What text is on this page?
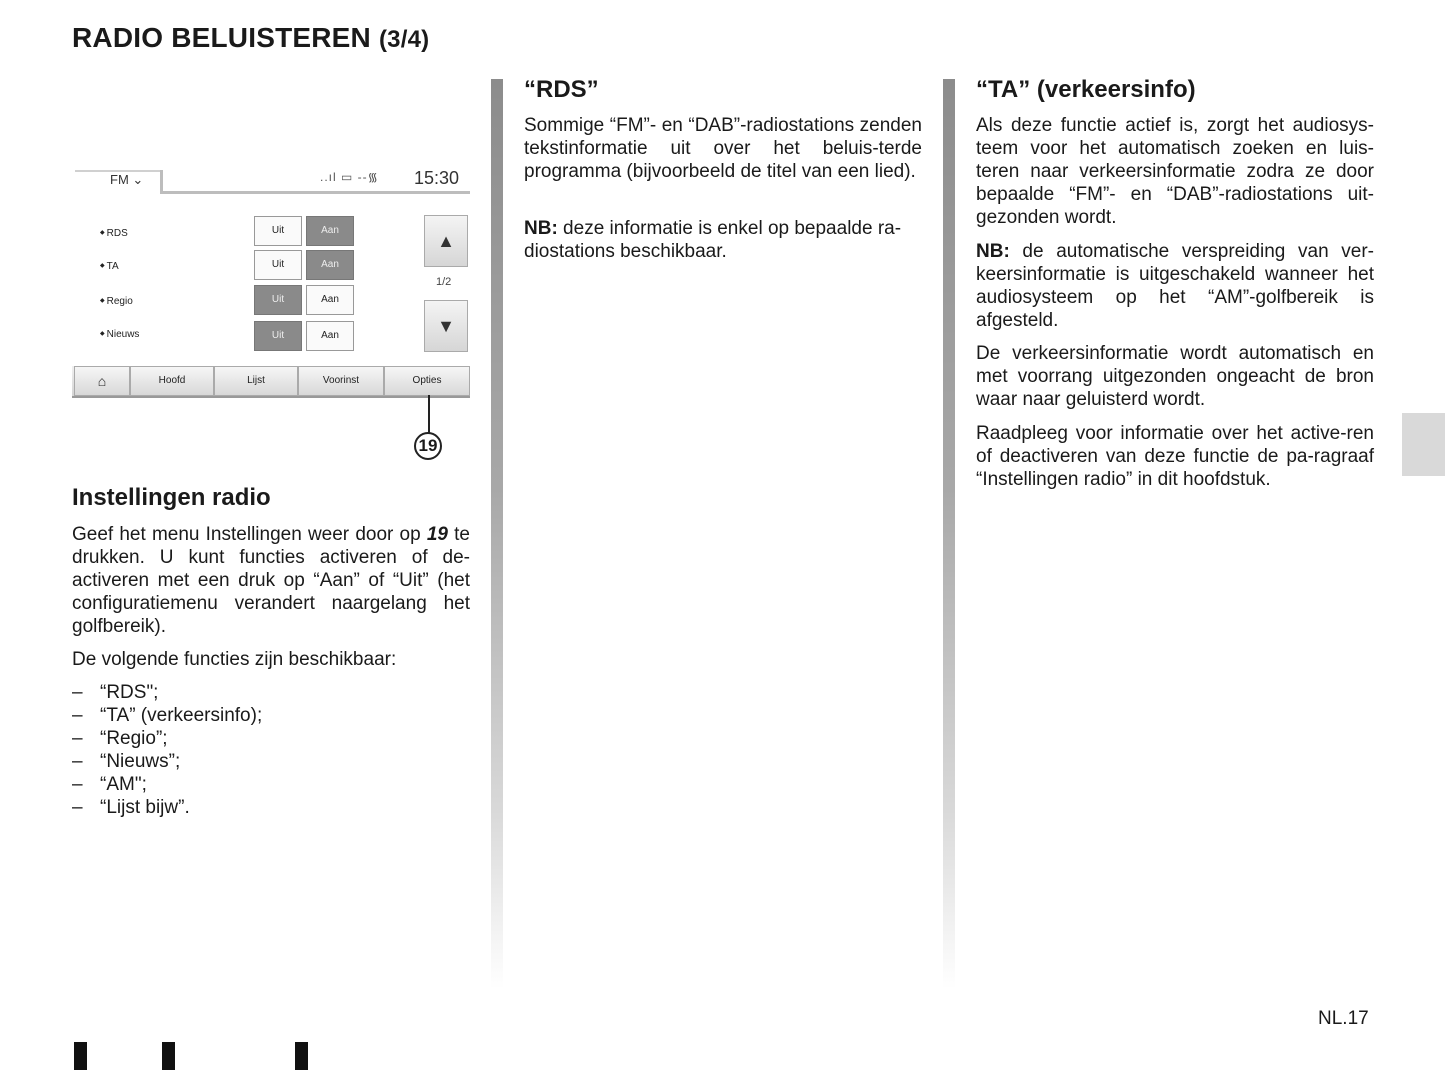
RADIO BELUISTEREN (3/4)
FM ⌄	..ıl ▭ --᯾ 15:30
◆ RDS	Uit	Aan
◆ TA	Uit	Aan
◆ Regio	Uit	Aan
◆ Nieuws	Uit	Aan
▲
1/2
▼
⌂	Hoofd	Lijst	Voorinst	Opties
19
Instellingen radio

Geef het menu Instellingen weer door op 19 te drukken. U kunt functies activeren of de-activeren met een druk op “Aan” of “Uit” (het configuratiemenu verandert naargelang het golfbereik).

De volgende functies zijn beschikbaar:

– “RDS";
– “TA” (verkeersinfo);
– “Regio”;
– “Nieuws”;
– “AM";
– “Lijst bijw”.
“RDS”

Sommige “FM”- en “DAB”-radiostations zenden tekstinformatie uit over het beluis-terde programma (bijvoorbeeld de titel van een lied).

NB: deze informatie is enkel op bepaalde ra-diostations beschikbaar.

“TA” (verkeersinfo)

Als deze functie actief is, zorgt het audiosys-teem voor het automatisch zoeken en luis-teren naar verkeersinformatie zodra ze door bepaalde “FM”- en “DAB”-radiostations uit-gezonden wordt.

NB: de automatische verspreiding van ver-keersinformatie is uitgeschakeld wanneer het audiosysteem op het “AM”-golfbereik is afgesteld.

De verkeersinformatie wordt automatisch en met voorrang uitgezonden ongeacht de bron waar naar geluisterd wordt.

Raadpleeg voor informatie over het active-ren of deactiveren van deze functie de pa-ragraaf “Instellingen radio” in dit hoofdstuk.

NL.17
